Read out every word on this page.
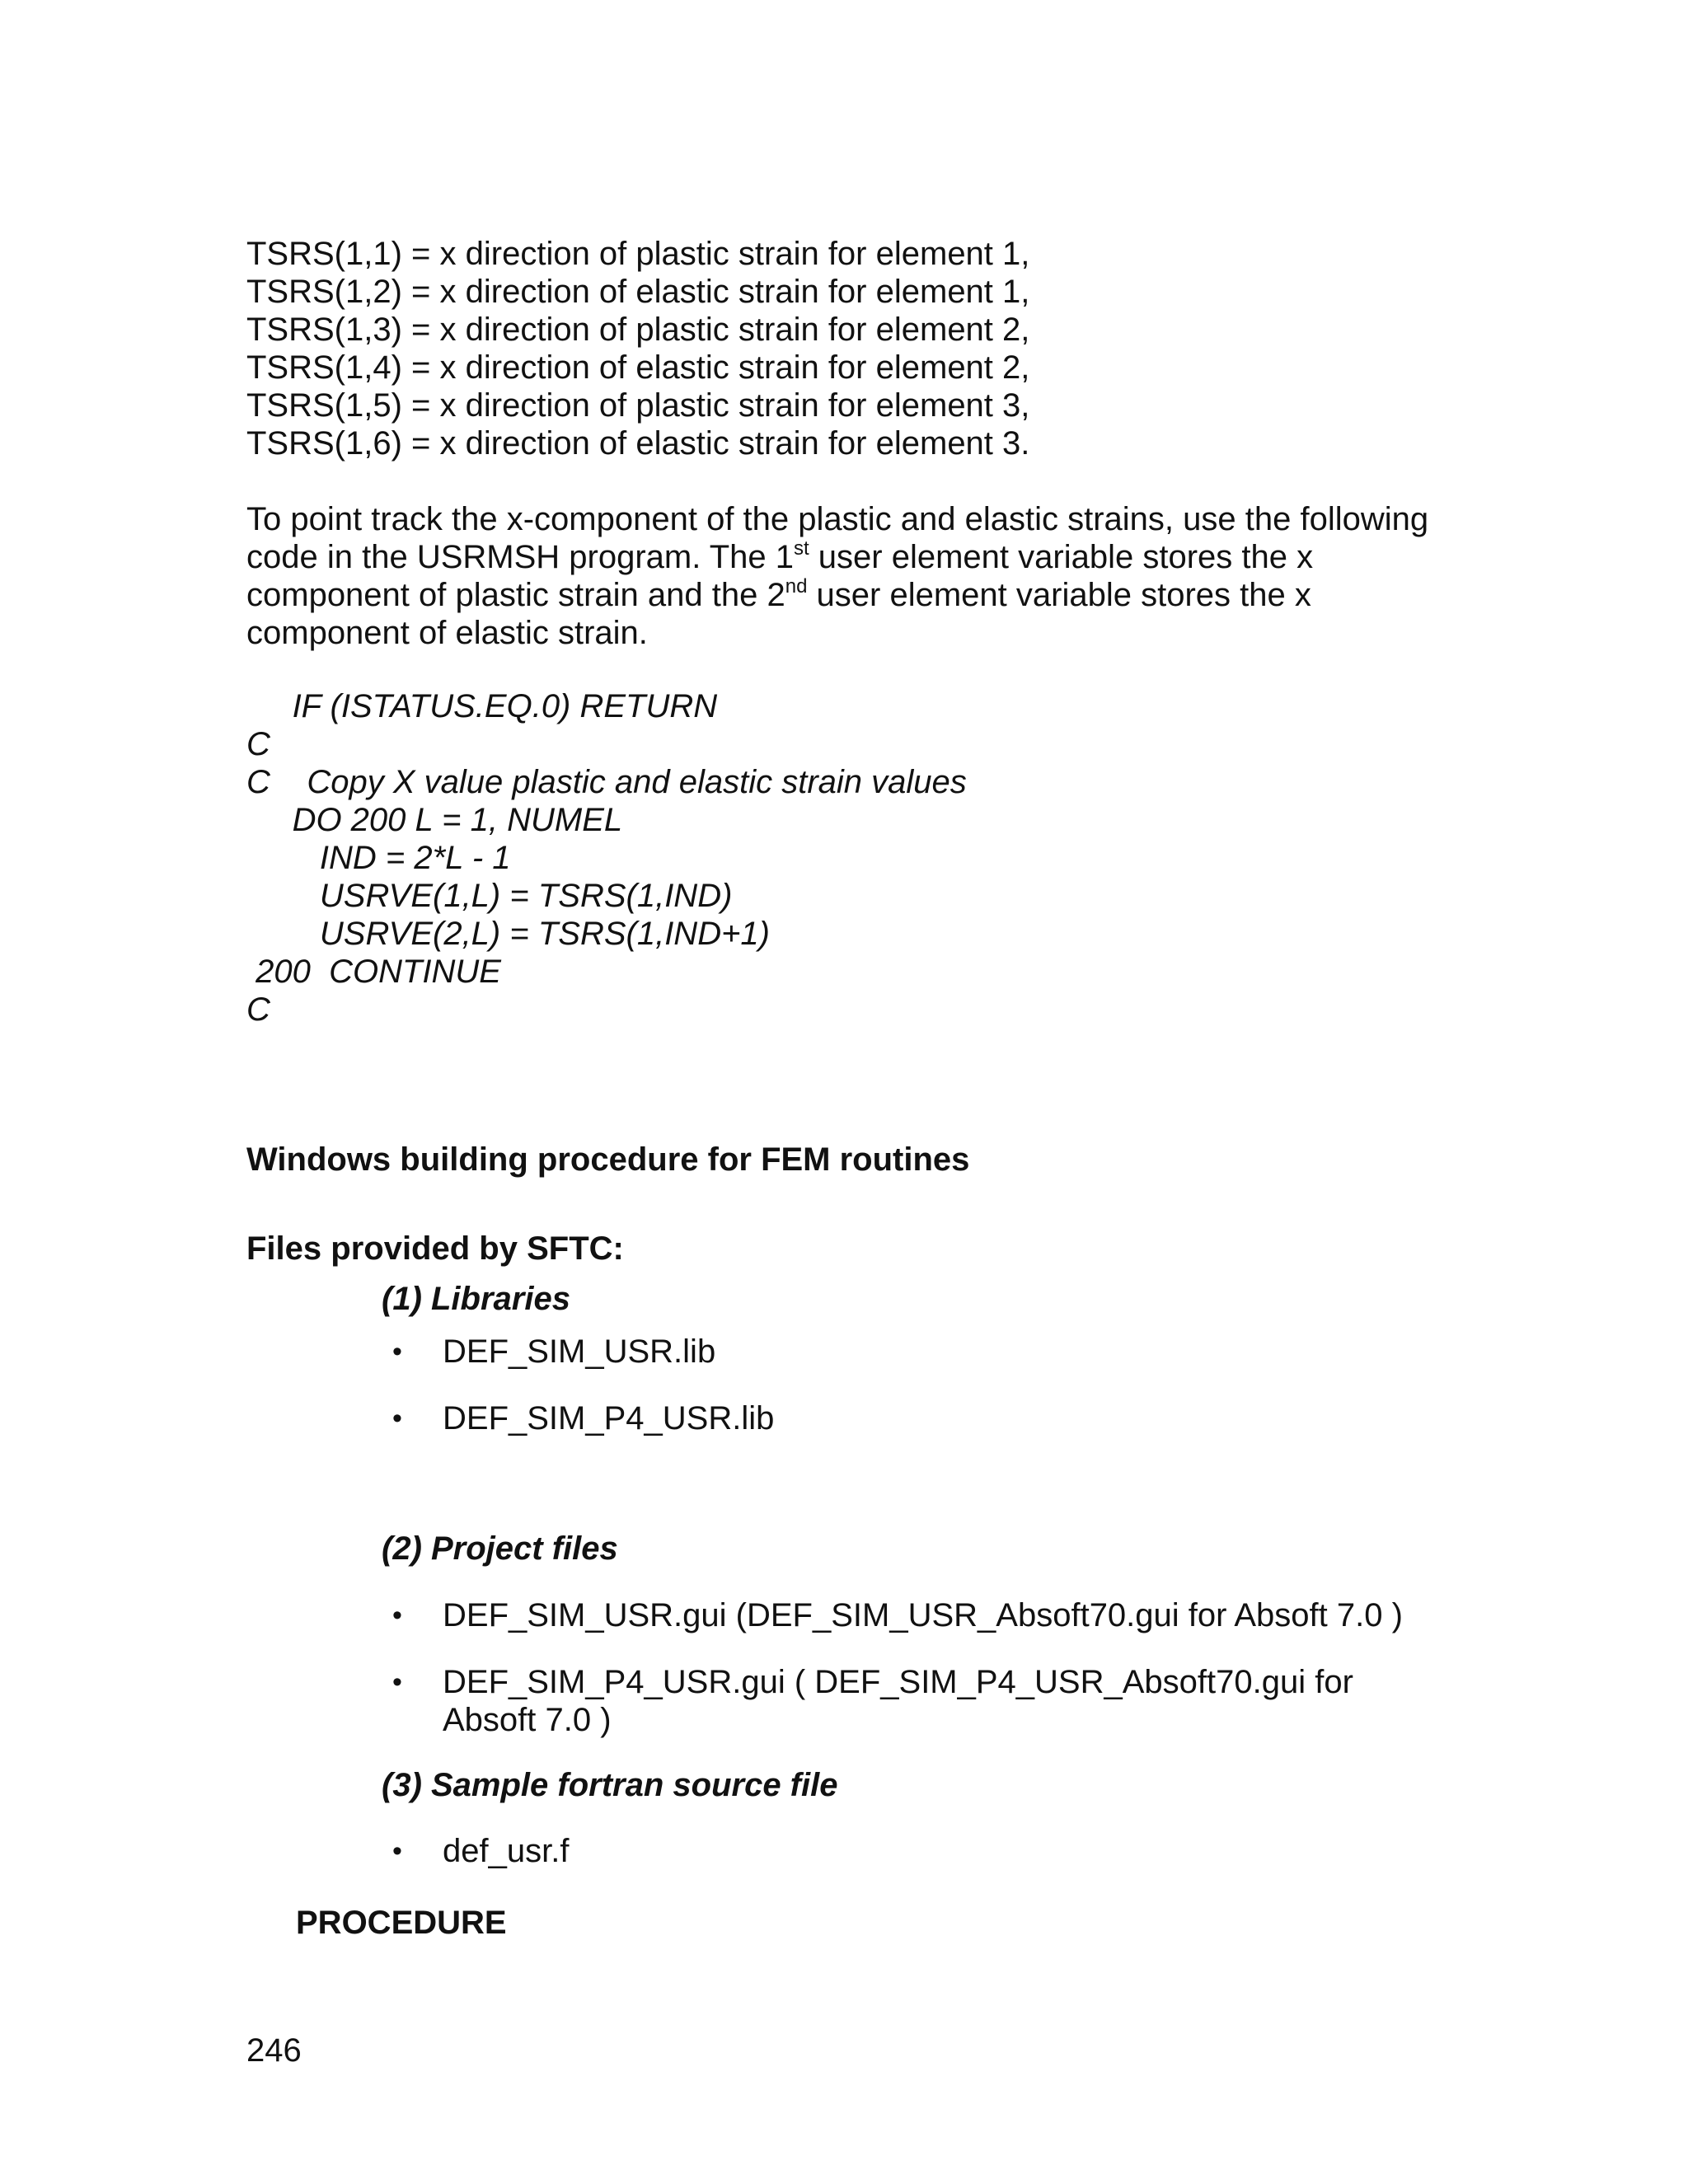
TSRS(1,1) = x direction of plastic strain for element 1,
TSRS(1,2) = x direction of elastic strain for element 1,
TSRS(1,3) = x direction of plastic strain for element 2,
TSRS(1,4) = x direction of elastic strain for element 2,
TSRS(1,5) = x direction of plastic strain for element 3,
TSRS(1,6) = x direction of elastic strain for element 3.
To point track the x-component of the plastic and elastic strains, use the following code in the USRMSH program. The 1st user element variable stores the x component of plastic strain and the 2nd user element variable stores the x component of elastic strain.
IF (ISTATUS.EQ.0) RETURN
C
C    Copy X value plastic and elastic strain values
DO 200 L = 1, NUMEL
IND = 2*L - 1
USRVE(1,L) = TSRS(1,IND)
USRVE(2,L) = TSRS(1,IND+1)
200  CONTINUE
C
Windows building procedure for FEM routines
Files provided by SFTC:
(1) Libraries
• DEF_SIM_USR.lib
• DEF_SIM_P4_USR.lib
(2) Project files
• DEF_SIM_USR.gui (DEF_SIM_USR_Absoft70.gui for Absoft 7.0 )
• DEF_SIM_P4_USR.gui ( DEF_SIM_P4_USR_Absoft70.gui for Absoft 7.0 )
(3) Sample fortran source file
• def_usr.f
PROCEDURE
246
